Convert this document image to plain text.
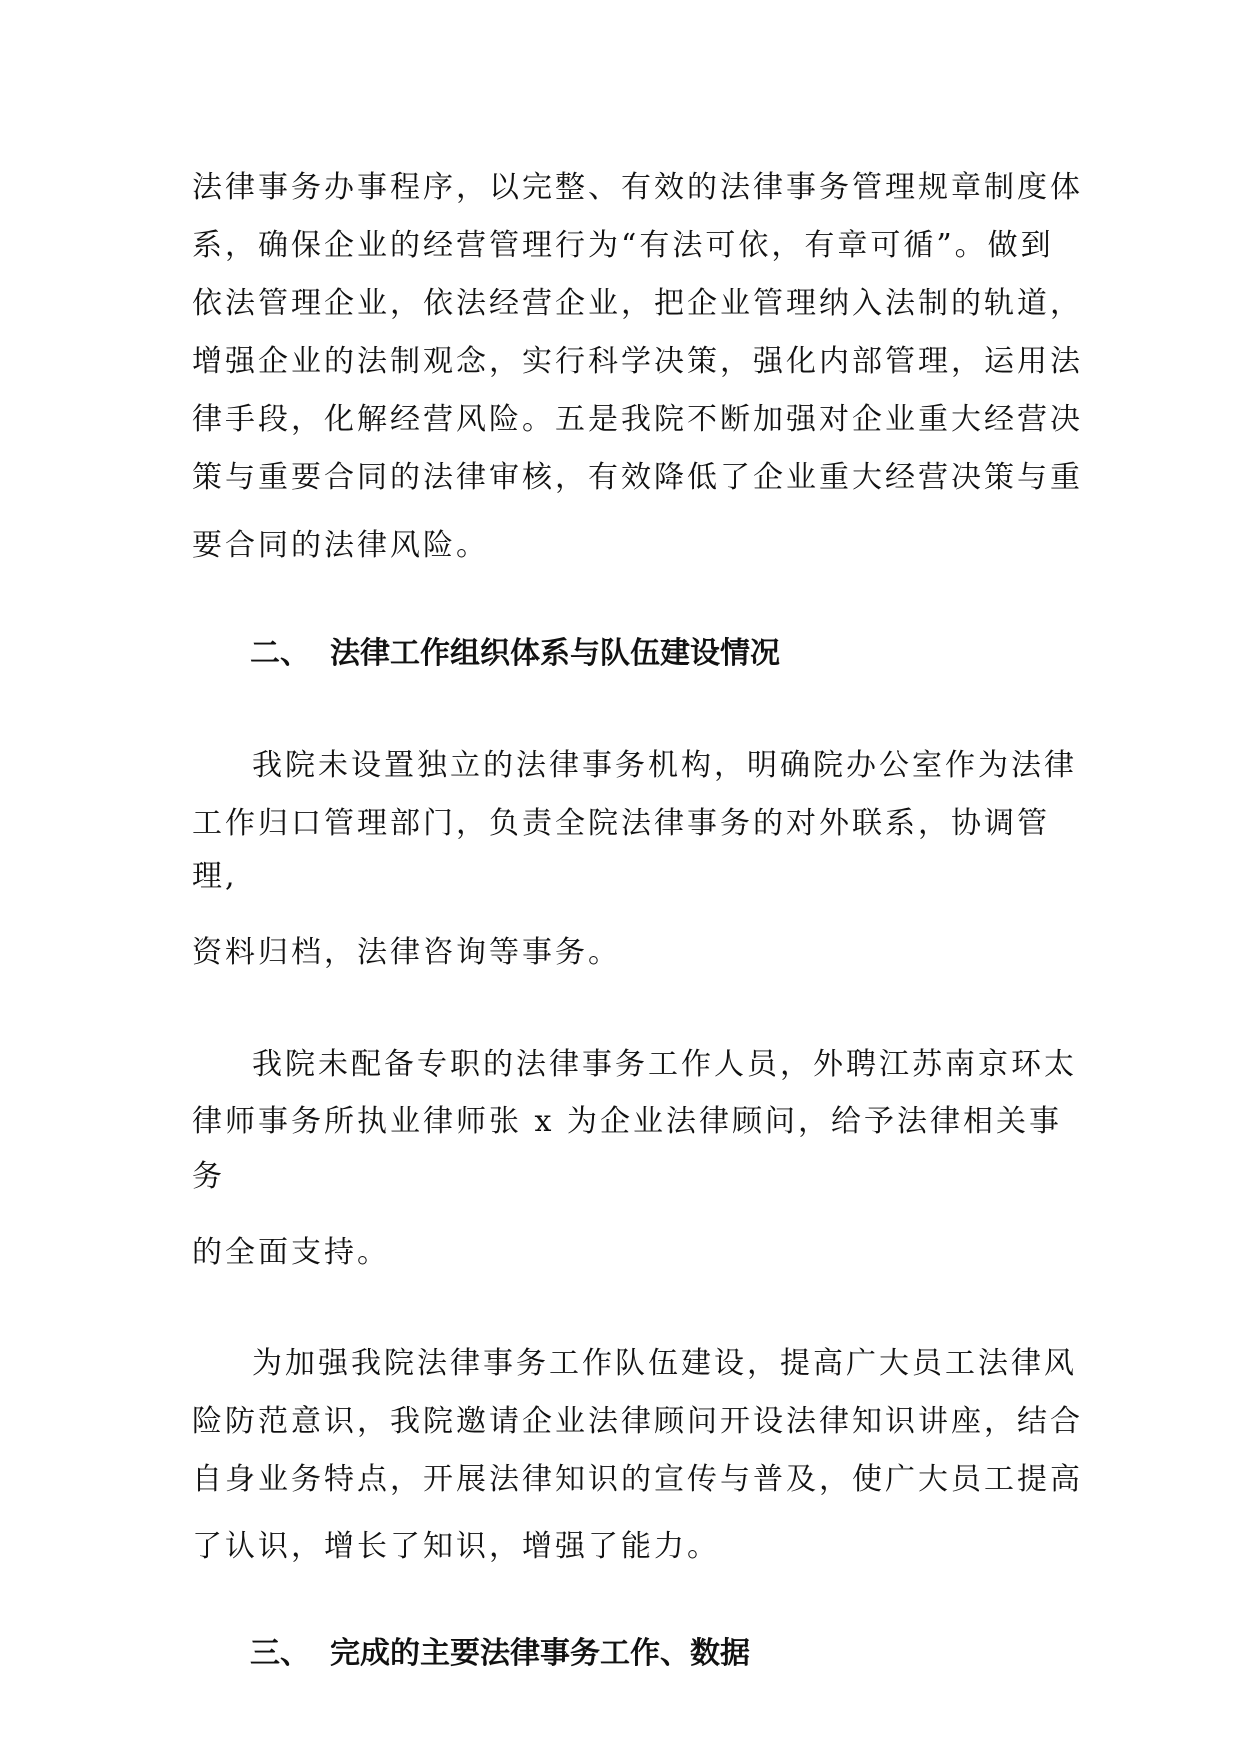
法律事务办事程序，以完整、有效的法律事务管理规章制度体
系，确保企业的经营管理行为“有法可依，有章可循”。做到
依法管理企业，依法经营企业，把企业管理纳入法制的轨道，
增强企业的法制观念，实行科学决策，强化内部管理，运用法
律手段，化解经营风险。五是我院不断加强对企业重大经营决
策与重要合同的法律审核，有效降低了企业重大经营决策与重
要合同的法律风险。
二、 法律工作组织体系与队伍建设情况
我院未设置独立的法律事务机构，明确院办公室作为法律
工作归口管理部门，负责全院法律事务的对外联系，协调管
理,
资料归档，法律咨询等事务。
我院未配备专职的法律事务工作人员，外聘江苏南京环太
律师事务所执业律师张 x 为企业法律顾问，给予法律相关事
务
的全面支持。
为加强我院法律事务工作队伍建设，提高广大员工法律风
险防范意识，我院邀请企业法律顾问开设法律知识讲座，结合
自身业务特点，开展法律知识的宣传与普及，使广大员工提高
了认识，增长了知识，增强了能力。
三、 完成的主要法律事务工作、数据
